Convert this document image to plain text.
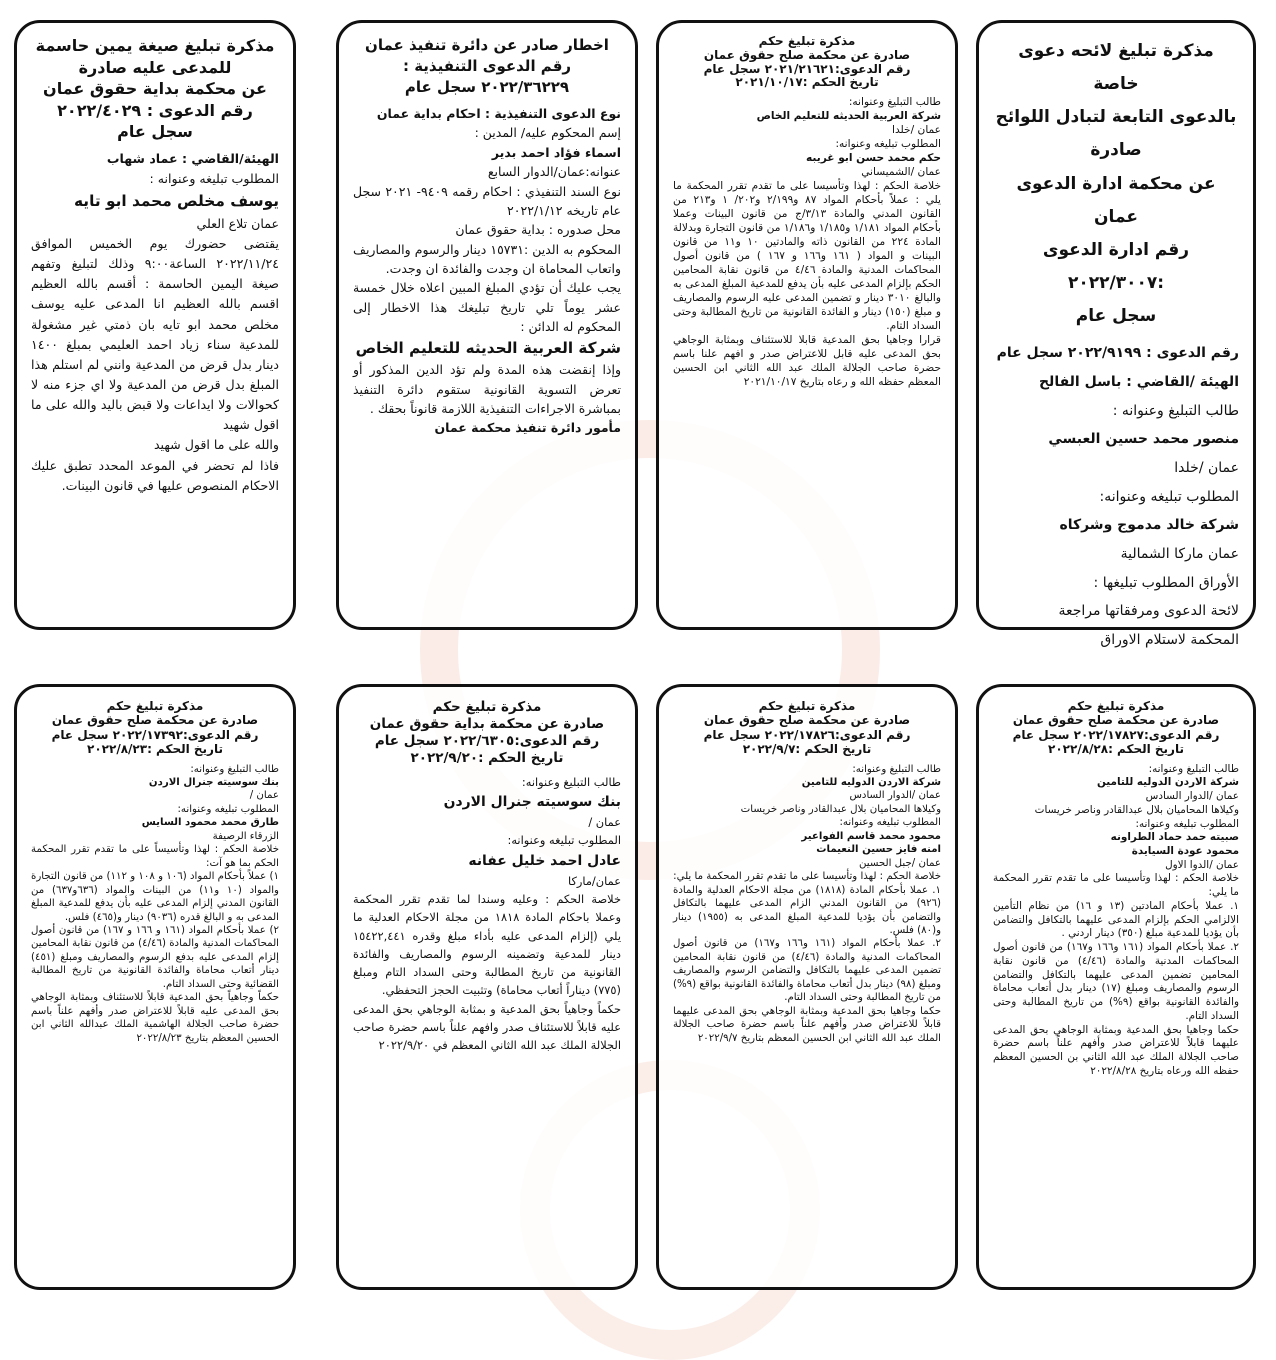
مذكرة تبليغ لائحه دعوى خاصة

بالدعوى التابعة لتبادل اللوائح صادرة

عن محكمة ادارة الدعوى عمان

رقم ادارة الدعوى :٢٠٢٢/٣٠٠٧

سجل عام

رقم الدعوى : ٢٠٢٢/٩١٩٩ سجل عام

الهيئة /القاضي : باسل الفالح

طالب التبليغ وعنوانه :

منصور محمد حسين العبسي

عمان /خلدا

المطلوب تبليغه وعنوانه:

شركة خالد مدموج وشركاه

عمان ماركا الشمالية

الأوراق المطلوب تبليغها :

لائحة الدعوى ومرفقاتها مراجعة

المحكمة لاستلام الاوراق

مذكرة تبليغ حكم

صادرة عن محكمة صلح حقوق عمان

رقم الدعوى:٢٠٢١/٢١٦٢١ سجل عام

تاريخ الحكم :٢٠٢١/١٠/١٧

طالب التبليغ وعنوانه:

شركة العربية الحديثه للتعليم الخاص

عمان /خلدا

المطلوب تبليغه وعنوانه:

حكم محمد حسن ابو غريبه

عمان /الشميساني

خلاصة الحكم : لهذا وتأسيسا على ما تقدم تقرر المحكمة ما يلي : عملاً بأحكام المواد ٨٧ و٢/١٩٩ و٢٠٢/ ١ و٢١٣ من القانون المدني والمادة ٣/١٣/ج من قانون البينات وعملا بأحكام المواد ١/١٨١ و١/١٨٥ و١/١٨٦ من قانون التجارة وبدلالة المادة ٢٢٤ من القانون ذاته والمادتين ١٠ و١١ من قانون البينات و المواد ( ١٦١ و١٦٦ و ١٦٧ ) من قانون أصول المحاكمات المدنية والمادة ٤/٤٦ من قانون نقابة المحامين الحكم بإلزام المدعى عليه بأن يدفع للمدعية المبلغ المدعى به والبالغ ٣٠١٠ دينار و تضمين المدعى عليه الرسوم والمصاريف و مبلغ (١٥٠) دينار و الفائدة القانونية من تاريخ المطالبة وحتى السداد التام.

قرارا وجاهيا بحق المدعية قابلا للاستئناف وبمثابة الوجاهي بحق المدعى عليه قابل للاعتراض صدر و افهم علنا باسم حضرة صاحب الجلالة الملك عبد الله الثاني ابن الحسين المعظم حفظه الله و رعاه بتاريخ ٢٠٢١/١٠/١٧

اخطار صادر عن دائرة تنفيذ عمان

رقم الدعوى التنفيذية :

٢٠٢٢/٣٦٢٢٩ سجل عام

نوع الدعوى التنفيذية : احكام بداية عمان

إسم المحكوم عليه/ المدين :

اسماء فؤاد احمد بدير

عنوانه:عمان/الدوار السابع

نوع السند التنفيذي : احكام رقمه ٩٤٠٩- ٢٠٢١ سجل عام تاريخه ٢٠٢٢/١/١٢

محل صدوره : بداية حقوق عمان

المحكوم به الدين :١٥٧٣١ دينار والرسوم والمصاريف واتعاب المحاماة ان وجدت والفائدة ان وجدت.

يجب عليك أن تؤدي المبلغ المبين اعلاه خلال خمسة عشر يوماً تلي تاريخ تبليغك هذا الاخطار إلى المحكوم له الدائن :

شركة العربية الحديثه للتعليم الخاص

وإذا إنقضت هذه المدة ولم تؤد الدين المذكور أو تعرض التسوية القانونية ستقوم دائرة التنفيذ بمباشرة الاجراءات التنفيذية اللازمة قانوناً بحقك .

مأمور دائرة تنفيذ محكمة عمان

مذكرة تبليغ صيغة يمين حاسمة

للمدعى عليه صادرة

عن محكمة بداية حقوق عمان

رقم الدعوى : ٢٠٢٢/٤٠٢٩

سجل عام

الهيئة/القاضي : عماد شهاب

المطلوب تبليغه وعنوانه :

يوسف مخلص محمد ابو تايه

عمان تلاع العلي

يقتضى حضورك يوم الخميس الموافق ٢٠٢٢/١١/٢٤ الساعة٩:٠٠ وذلك لتبليغ وتفهم صيغة اليمين الحاسمة : أقسم بالله العظيم اقسم بالله العظيم انا المدعى عليه يوسف مخلص محمد ابو تايه بان ذمتي غير مشغولة للمدعية سناء زياد احمد العليمي بمبلغ ١٤٠٠ دينار بدل قرض من المدعية وانني لم استلم هذا المبلغ بدل قرض من المدعية ولا اي جزء منه لا كحوالات ولا ايداعات ولا قبض باليد والله على ما اقول شهيد

والله على ما اقول شهيد

فاذا لم تحضر في الموعد المحدد تطبق عليك الاحكام المنصوص عليها في قانون البينات.

مذكرة تبليغ حكم

صادرة عن محكمة صلح حقوق عمان

رقم الدعوى:٢٠٢٢/١٧٨٢٧ سجل عام

تاريخ الحكم :٢٠٢٢/٨/٢٨

طالب التبليغ وعنوانه:

شركة الاردن الدوليه للتامين

عمان /الدوار السادس

وكيلاها المحاميان بلال عبدالقادر وناصر خريسات

المطلوب تبليغه وعنوانه:

صبيته حمد حماد الطراونه

محمود عودة السيايدة

عمان /الدوا الاول

خلاصة الحكم : لهذا وتأسيسا على ما تقدم تقرر المحكمة ما يلي:

١. عملا بأحكام المادتين (١٣ و ١٦) من نظام التأمين الالزامي الحكم بإلزام المدعى عليهما بالتكافل والتضامن بأن يؤديا للمدعية مبلغ (٣٥٠) دينار اردني .

٢. عملا بأحكام المواد (١٦١ و١٦٦ و١٦٧) من قانون أصول المحاكمات المدنية والمادة (٤/٤٦) من قانون نقابة المحامين تضمين المدعى عليهما بالتكافل والتضامن الرسوم والمصاريف ومبلغ (١٧) دينار بدل أتعاب محاماة والفائدة القانونية بواقع (٩%) من تاريخ المطالبة وحتى السداد التام.

حكما وجاهيا بحق المدعية وبمثابة الوجاهي بحق المدعى عليهما قابلاً للاعتراض صدر وأفهم علناً باسم حضرة صاحب الجلالة الملك عبد الله الثاني بن الحسين المعظم حفظه الله ورعاه بتاريخ ٢٠٢٢/٨/٢٨

مذكرة تبليغ حكم

صادرة عن محكمة صلح حقوق عمان

رقم الدعوى:٢٠٢٢/١٧٨٢٦ سجل عام

تاريخ الحكم :٢٠٢٢/٩/٧

طالب التبليغ وعنوانه:

شركة الاردن الدوليه للتامين

عمان /الدوار السادس

وكيلاها المحاميان بلال عبدالقادر وناصر خريسات

المطلوب تبليغه وعنوانه:

محمود محمد قاسم الفواعير

امنه فايز حسين النعيمات

عمان /جبل الحسين

خلاصة الحكم : لهذا وتأسيسا على ما تقدم تقرر المحكمة ما يلي:

١. عملا بأحكام المادة (١٨١٨) من مجلة الاحكام العدلية والمادة (٩٢٦) من القانون المدني الزام المدعى عليهما بالتكافل والتضامن بأن يؤديا للمدعية المبلغ المدعى به (١٩٥٥) دينار و(٨٠) فلس.

٢. عملا بأحكام المواد (١٦١ و١٦٦ و١٦٧) من قانون أصول المحاكمات المدنية والمادة (٤/٤٦) من قانون نقابة المحامين تضمين المدعى عليهما بالتكافل والتضامن الرسوم والمصاريف ومبلغ (٩٨) دينار بدل أتعاب محاماة والفائدة القانونية بواقع (٩%) من تاريخ المطالبة وحتى السداد التام.

حكما وجاهيا بحق المدعية وبمثابة الوجاهي بحق المدعى عليهما قابلاً للاعتراض صدر وأفهم علناً باسم حضرة صاحب الجلالة الملك عبد الله الثاني ابن الحسين المعظم بتاريخ ٢٠٢٢/٩/٧

مذكرة تبليغ حكم

صادرة عن محكمة بداية حقوق عمان

رقم الدعوى:٢٠٢٢/٦٣٠٥ سجل عام

تاريخ الحكم :٢٠٢٢/٩/٢٠

طالب التبليغ وعنوانه:

بنك سوسيته جنرال الاردن

عمان /

المطلوب تبليغه وعنوانه:

عادل احمد خليل عفانه

عمان/ماركا

خلاصة الحكم : وعليه وسندا لما تقدم تقرر المحكمة وعملا باحكام المادة ١٨١٨ من مجلة الاحكام العدلية ما يلي (إلزام المدعى عليه بأداء مبلغ وقدره ١٥٤٢٢,٤٤١ دينار للمدعية وتضمينه الرسوم والمصاريف والفائدة القانونية من تاريخ المطالبة وحتى السداد التام ومبلغ (٧٧٥) ديناراً أتعاب محاماة) وتثبيت الحجز التحفظي.

حكماً وجاهياً بحق المدعية و بمثابة الوجاهي بحق المدعى عليه قابلاً للاستئناف صدر وافهم علناً باسم حضرة صاحب الجلالة الملك عبد الله الثاني المعظم في ٢٠٢٢/٩/٢٠

مذكرة تبليغ حكم

صادرة عن محكمة صلح حقوق عمان

رقم الدعوى:٢٠٢٢/١٧٣٩٢ سجل عام

تاريخ الحكم :٢٠٢٢/٨/٢٣

طالب التبليغ وعنوانه:

بنك سوسيته جنرال الاردن

عمان /

المطلوب تبليغه وعنوانه:

طارق محمد محمود السايس

الزرقاء الرصيفة

خلاصة الحكم : لهذا وتأسيساً على ما تقدم تقرر المحكمة الحكم بما هو آت:

١) عملاً بأحكام المواد (١٠٦ و ١٠٨ و ١١٢) من قانون التجارة والمواد (١٠ و١١) من البينات والمواد (٦٣٦و٦٣٧) من القانون المدني إلزام المدعى عليه بأن يدفع للمدعية المبلغ المدعى به و البالغ قدره (٩٠٣٦) دينار و(٤٦٥) فلس.

٢) عملا بأحكام المواد (١٦١ و ١٦٦ و ١٦٧) من قانون أصول المحاكمات المدنية والمادة (٤/٤٦) من قانون نقابة المحامين إلزام المدعى عليه بدفع الرسوم والمصاريف ومبلغ (٤٥١) دينار أتعاب محاماة والفائدة القانونية من تاريخ المطالبة القضائية وحتى السداد التام.

حكماً وجاهياً بحق المدعية قابلاً للاستئناف وبمثابة الوجاهي بحق المدعى عليه قابلاً للاعتراض صدر وأفهم علناً باسم حضرة صاحب الجلالة الهاشمية الملك عبدالله الثاني ابن الحسين المعظم بتاريخ ٢٠٢٢/٨/٢٣
